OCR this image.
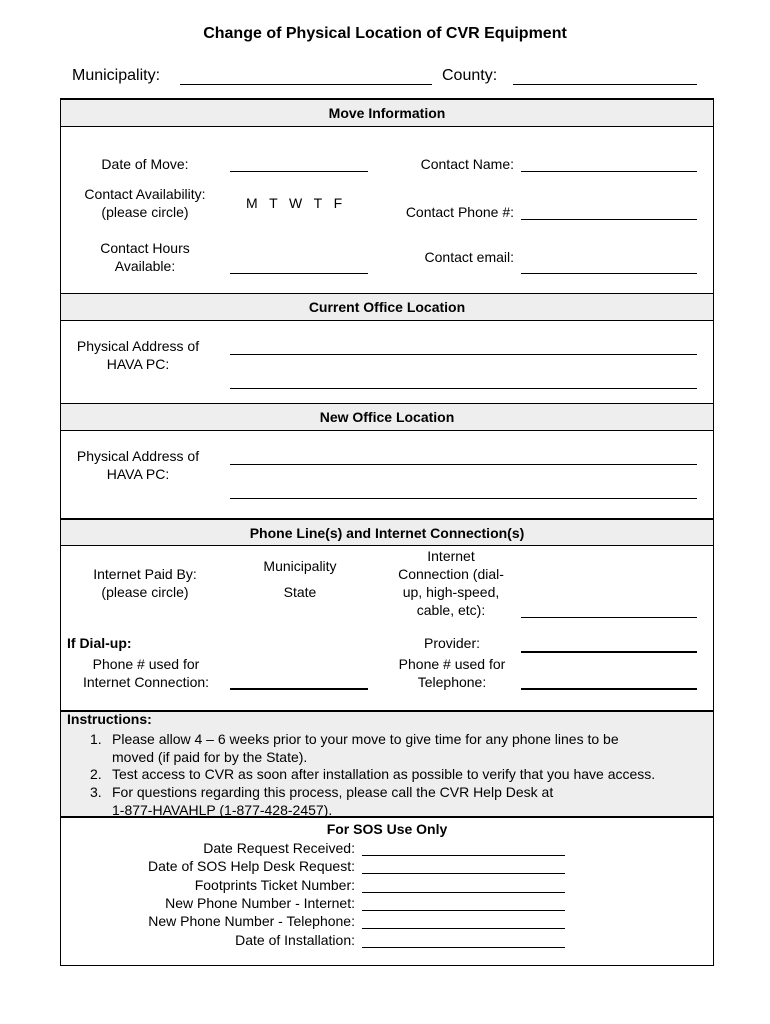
Change of Physical Location of CVR Equipment
Municipality:	County:
Move Information
Date of Move:	Contact Name:
Contact Availability:
(please circle)
M   T   W   T   F
Contact Phone #:
Contact Hours
Available:
Contact email:
Current Office Location
Physical Address of
HAVA PC:
New Office Location
Physical Address of
HAVA PC:
Phone Line(s) and Internet Connection(s)
Internet Paid By:
(please circle)
Municipality
State
Internet
Connection (dial-
up, high-speed,
cable, etc):
If Dial-up:
Phone # used for
Internet Connection:
Provider:
Phone # used for
Telephone:
Instructions:
1. Please allow 4 – 6 weeks prior to your move to give time for any phone lines to be
moved (if paid for by the State).
2. Test access to CVR as soon after installation as possible to verify that you have access.
3. For questions regarding this process, please call the CVR Help Desk at
1-877-HAVAHLP (1-877-428-2457).
For SOS Use Only
Date Request Received:
Date of SOS Help Desk Request:
Footprints Ticket Number:
New Phone Number - Internet:
New Phone Number - Telephone:
Date of Installation:
